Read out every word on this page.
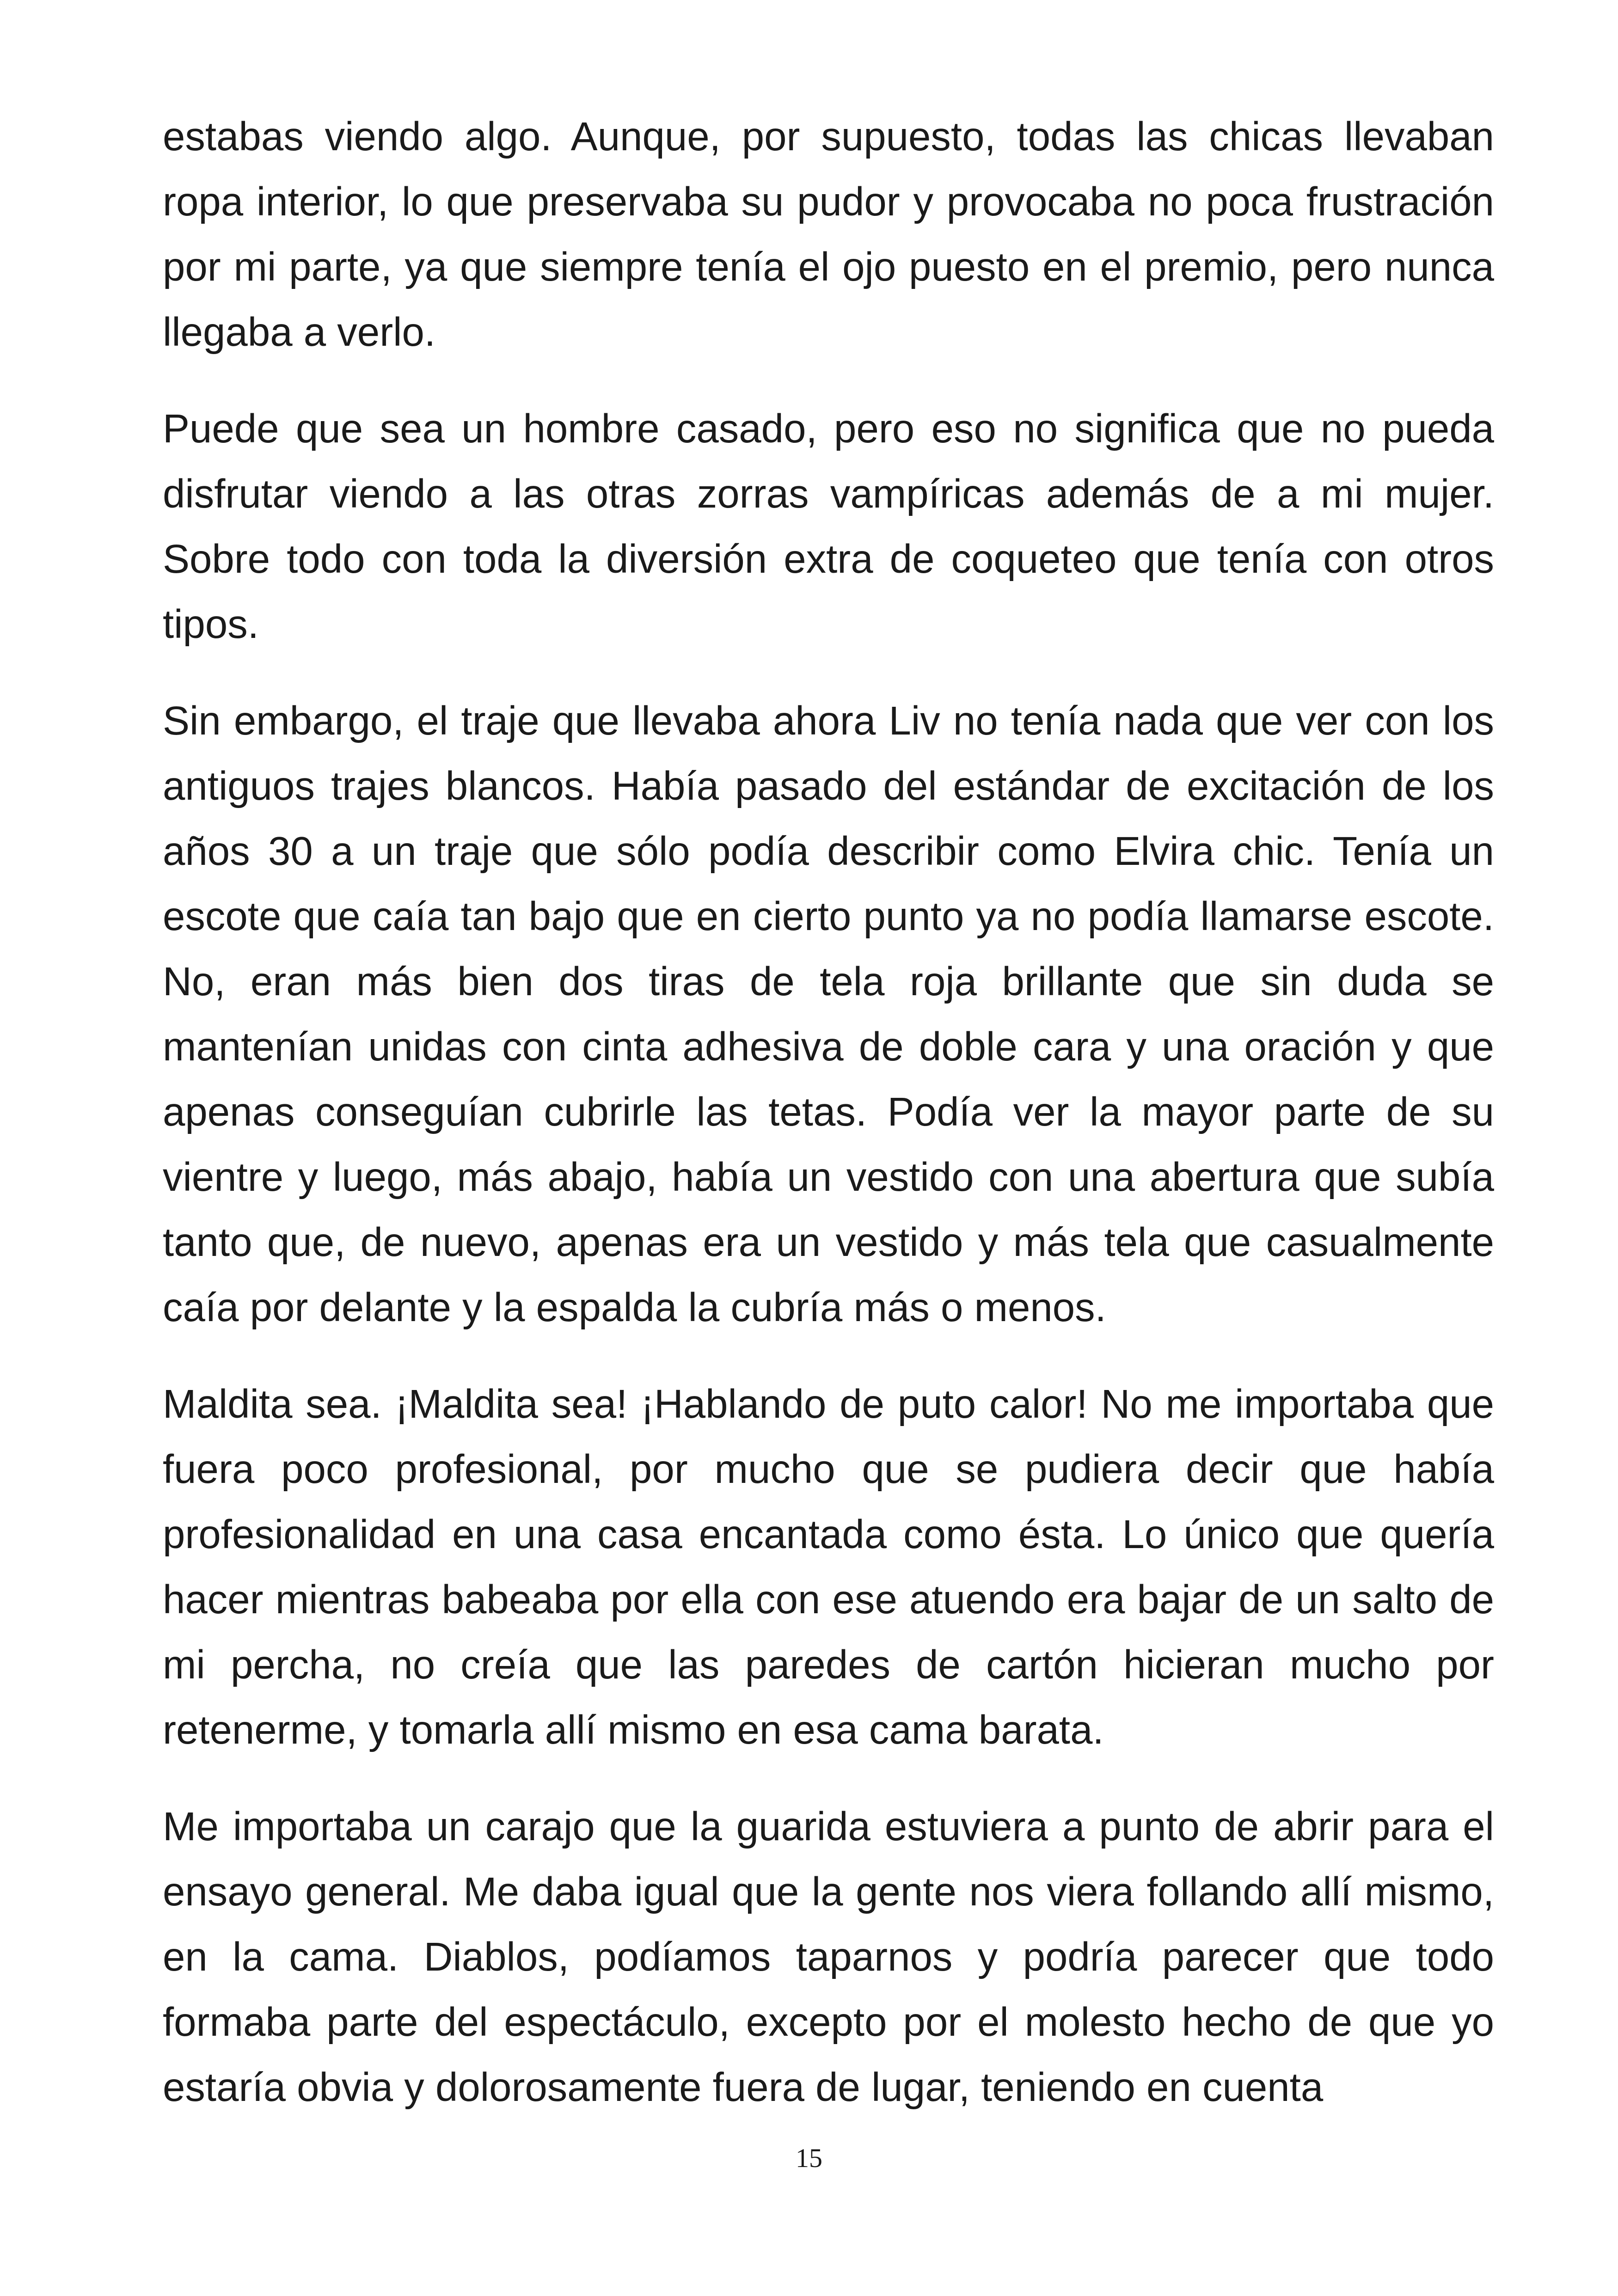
estabas viendo algo. Aunque, por supuesto, todas las chicas llevaban ropa interior, lo que preservaba su pudor y provocaba no poca frustración por mi parte, ya que siempre tenía el ojo puesto en el premio, pero nunca llegaba a verlo.

Puede que sea un hombre casado, pero eso no significa que no pueda disfrutar viendo a las otras zorras vampíricas además de a mi mujer. Sobre todo con toda la diversión extra de coqueteo que tenía con otros tipos.

Sin embargo, el traje que llevaba ahora Liv no tenía nada que ver con los antiguos trajes blancos. Había pasado del estándar de excitación de los años 30 a un traje que sólo podía describir como Elvira chic. Tenía un escote que caía tan bajo que en cierto punto ya no podía llamarse escote. No, eran más bien dos tiras de tela roja brillante que sin duda se mantenían unidas con cinta adhesiva de doble cara y una oración y que apenas conseguían cubrirle las tetas. Podía ver la mayor parte de su vientre y luego, más abajo, había un vestido con una abertura que subía tanto que, de nuevo, apenas era un vestido y más tela que casualmente caía por delante y la espalda la cubría más o menos.

Maldita sea. ¡Maldita sea! ¡Hablando de puto calor! No me importaba que fuera poco profesional, por mucho que se pudiera decir que había profesionalidad en una casa encantada como ésta. Lo único que quería hacer mientras babeaba por ella con ese atuendo era bajar de un salto de mi percha, no creía que las paredes de cartón hicieran mucho por retenerme, y tomarla allí mismo en esa cama barata.

Me importaba un carajo que la guarida estuviera a punto de abrir para el ensayo general. Me daba igual que la gente nos viera follando allí mismo, en la cama. Diablos, podíamos taparnos y podría parecer que todo formaba parte del espectáculo, excepto por el molesto hecho de que yo estaría obvia y dolorosamente fuera de lugar, teniendo en cuenta

15
